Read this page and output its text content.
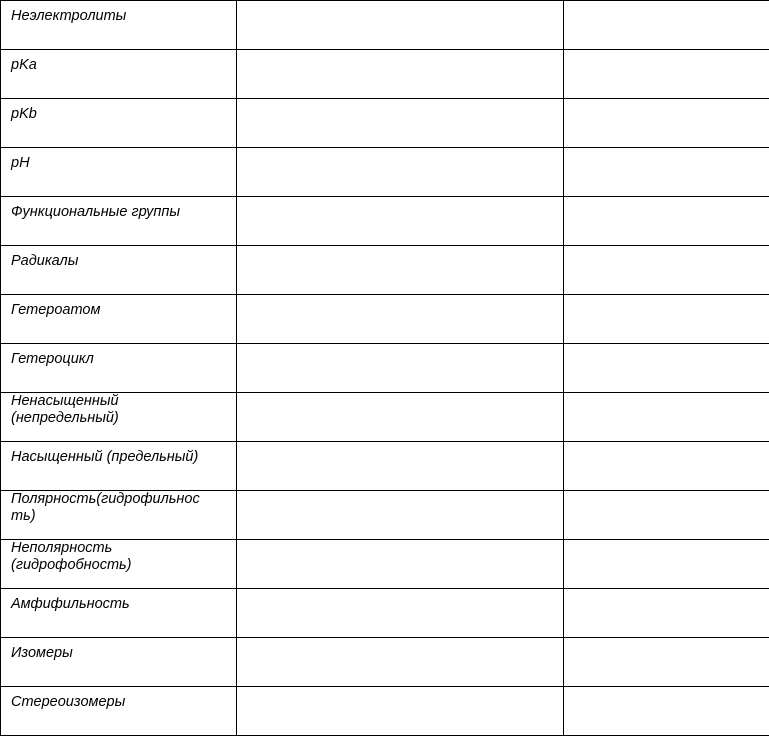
Неэлектролиты		

pKa		

pKb		

pH		

Функциональные группы		

Радикалы		

Гетероатом		

Гетероцикл		

Ненасыщенный
(непредельный)		

Насыщенный (предельный)		

Полярность(гидрофильнос
ть)		

Неполярность
(гидрофобность)		

Амфифильность		

Изомеры		

Стереоизомеры		
